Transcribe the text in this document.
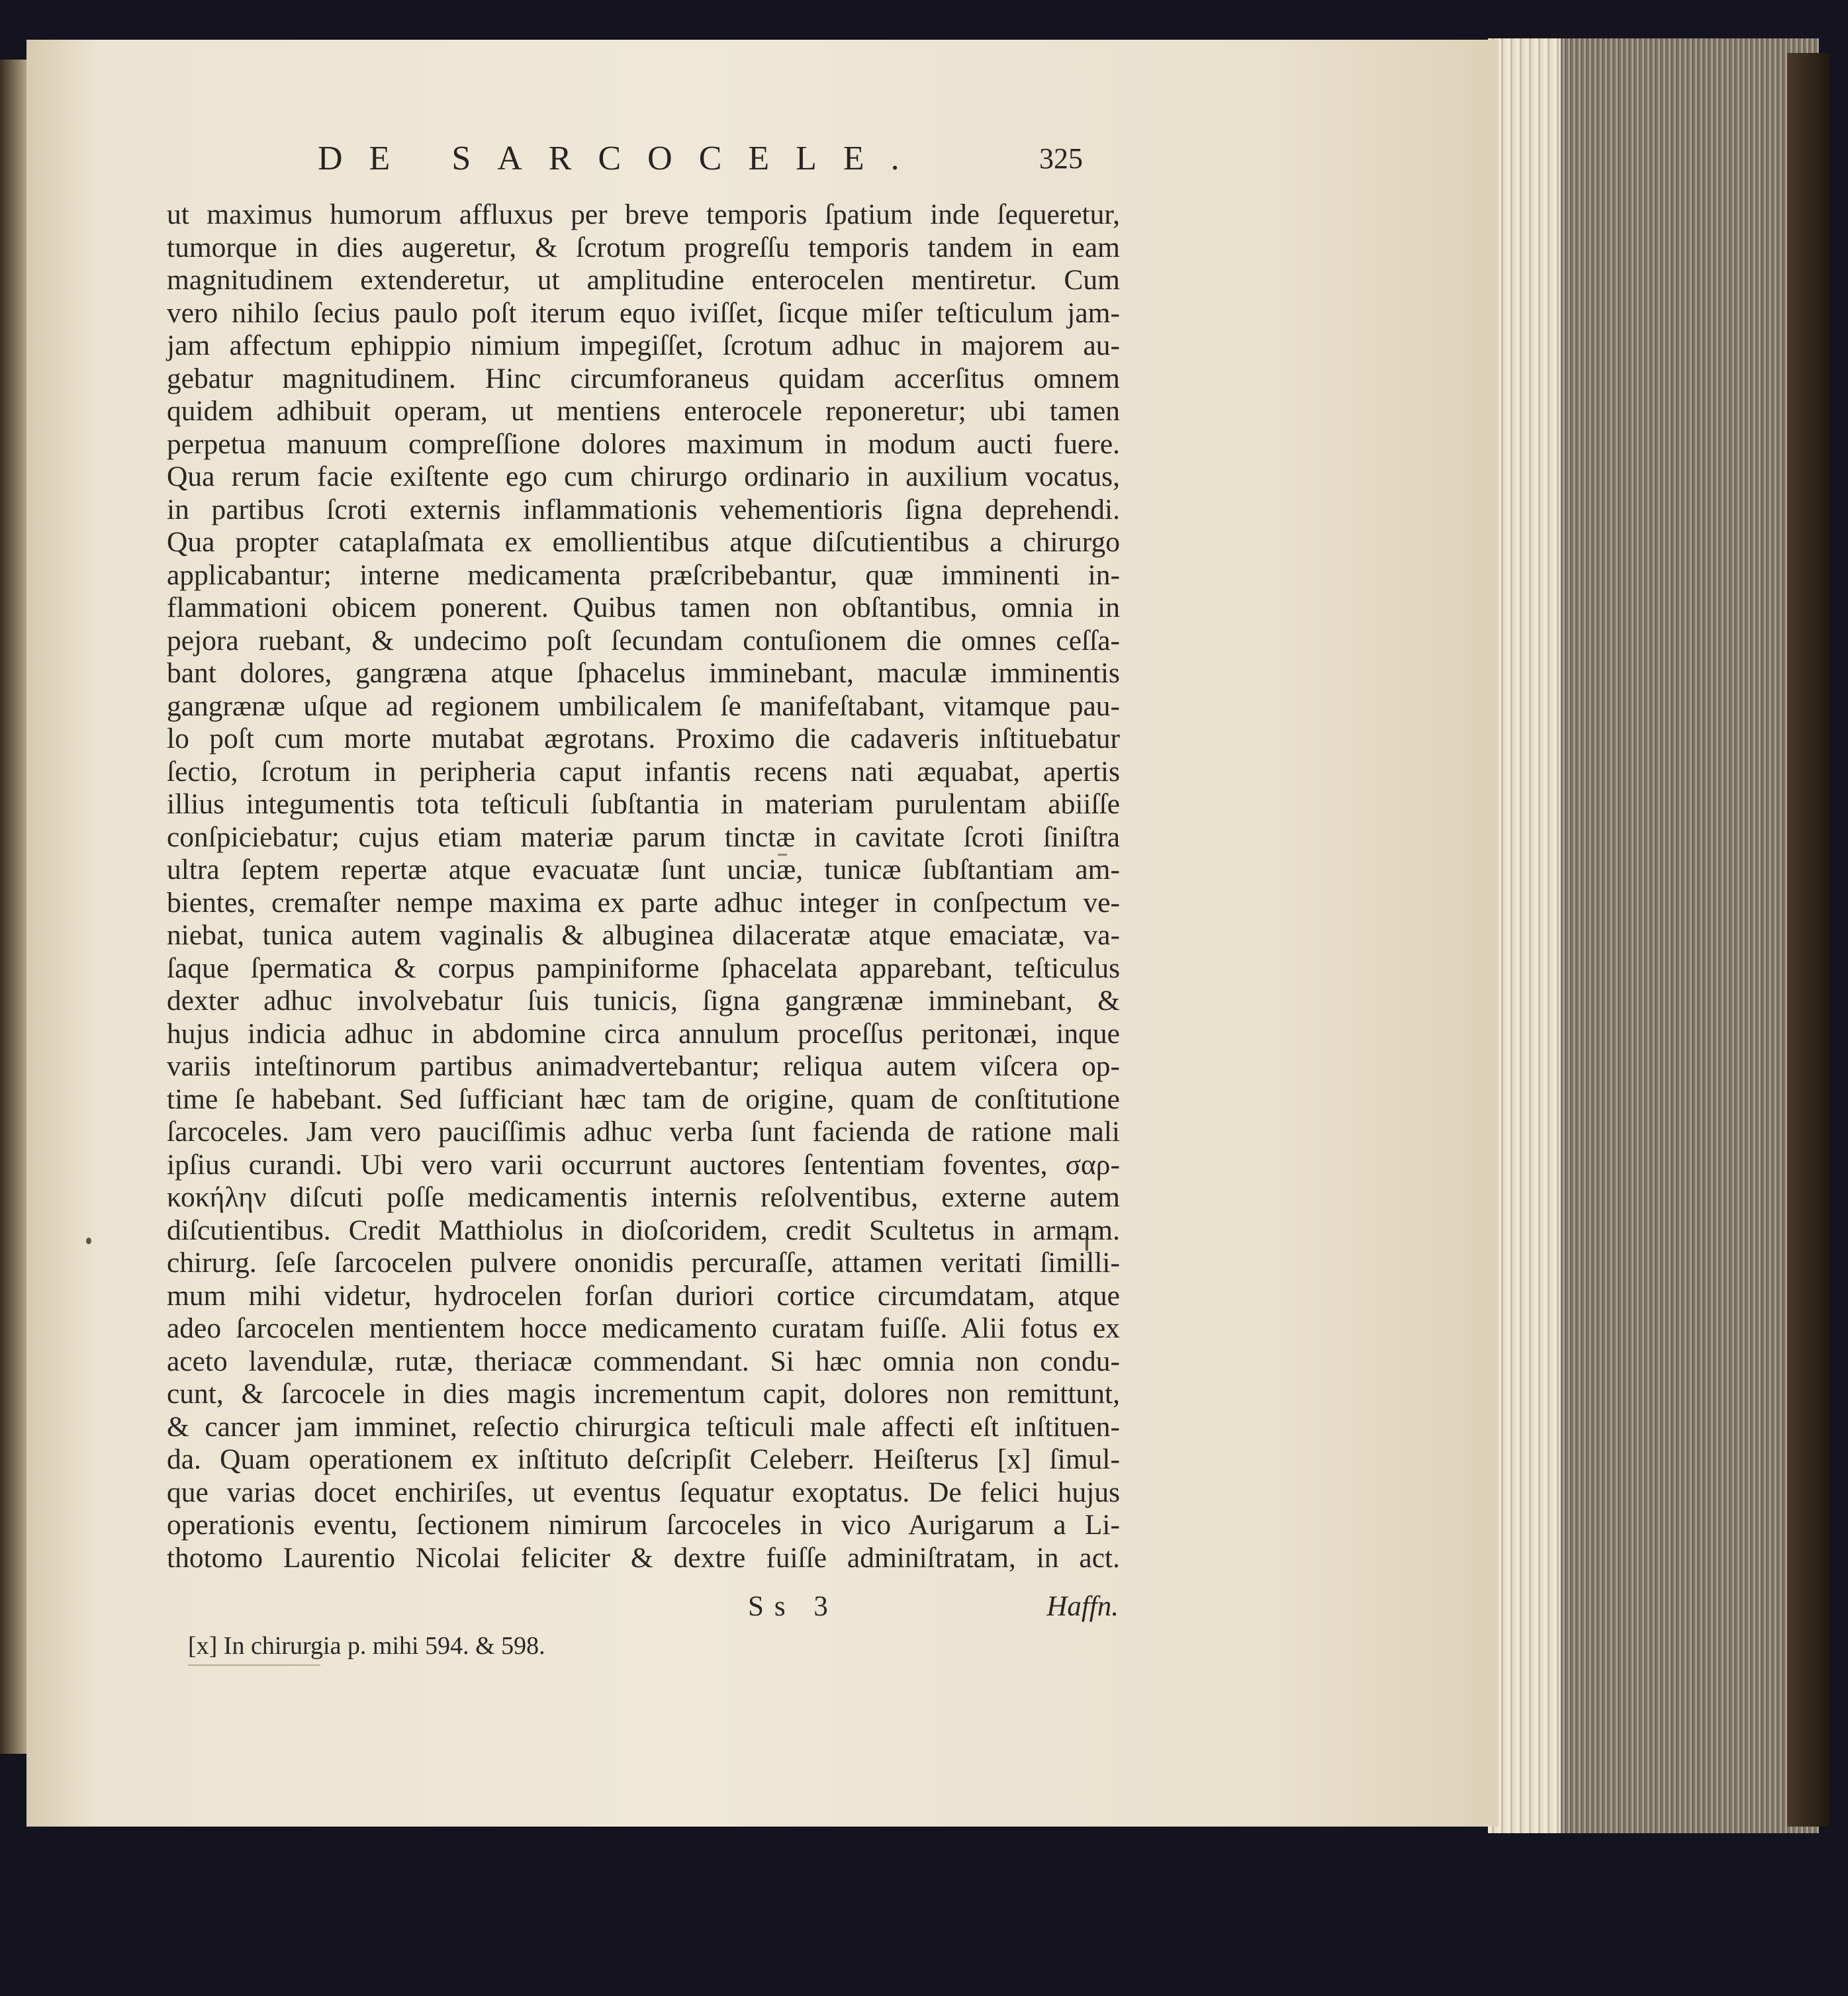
DE SARCOCELE.	325
ut maximus humorum affluxus per breve temporis ſpatium inde ſequeretur,
tumorque in dies augeretur, & ſcrotum progreſſu temporis tandem in eam
magnitudinem extenderetur, ut amplitudine enterocelen mentiretur. Cum
vero nihilo ſecius paulo poſt iterum equo iviſſet, ſicque miſer teſticulum jam-
jam affectum ephippio nimium impegiſſet, ſcrotum adhuc in majorem au-
gebatur magnitudinem. Hinc circumforaneus quidam accerſitus omnem
quidem adhibuit operam, ut mentiens enterocele reponeretur; ubi tamen
perpetua manuum compreſſione dolores maximum in modum aucti fuere.
Qua rerum facie exiſtente ego cum chirurgo ordinario in auxilium vocatus,
in partibus ſcroti externis inflammationis vehementioris ſigna deprehendi.
Qua propter cataplaſmata ex emollientibus atque diſcutientibus a chirurgo
applicabantur; interne medicamenta præſcribebantur, quæ imminenti in-
flammationi obicem ponerent. Quibus tamen non obſtantibus, omnia in
pejora ruebant, & undecimo poſt ſecundam contuſionem die omnes ceſſa-
bant dolores, gangræna atque ſphacelus imminebant, maculæ imminentis
gangrænæ uſque ad regionem umbilicalem ſe manifeſtabant, vitamque pau-
lo poſt cum morte mutabat ægrotans. Proximo die cadaveris inſtituebatur
ſectio, ſcrotum in peripheria caput infantis recens nati æquabat, apertis
illius integumentis tota teſticuli ſubſtantia in materiam purulentam abiiſſe
conſpiciebatur; cujus etiam materiæ parum tinctæ in cavitate ſcroti ſiniſtra
ultra ſeptem repertæ atque evacuatæ ſunt unciæ, tunicæ ſubſtantiam am-
bientes, cremaſter nempe maxima ex parte adhuc integer in conſpectum ve-
niebat, tunica autem vaginalis & albuginea dilaceratæ atque emaciatæ, va-
ſaque ſpermatica & corpus pampiniforme ſphacelata apparebant, teſticulus
dexter adhuc involvebatur ſuis tunicis, ſigna gangrænæ imminebant, &
hujus indicia adhuc in abdomine circa annulum proceſſus peritonæi, inque
variis inteſtinorum partibus animadvertebantur; reliqua autem viſcera op-
time ſe habebant. Sed ſufficiant hæc tam de origine, quam de conſtitutione
ſarcoceles. Jam vero pauciſſimis adhuc verba ſunt facienda de ratione mali
ipſius curandi. Ubi vero varii occurrunt auctores ſententiam foventes, σαρ-
κοκήλην diſcuti poſſe medicamentis internis reſolventibus, externe autem
diſcutientibus. Credit Matthiolus in dioſcoridem, credit Scultetus in armam.
chirurg. ſeſe ſarcocelen pulvere ononidis percuraſſe, attamen veritati ſimilli-
mum mihi videtur, hydrocelen forſan duriori cortice circumdatam, atque
adeo ſarcocelen mentientem hocce medicamento curatam fuiſſe. Alii fotus ex
aceto lavendulæ, rutæ, theriacæ commendant. Si hæc omnia non condu-
cunt, & ſarcocele in dies magis incrementum capit, dolores non remittunt,
& cancer jam imminet, reſectio chirurgica teſticuli male affecti eſt inſtituen-
da. Quam operationem ex inſtituto deſcripſit Celeberr. Heiſterus [x] ſimul-
que varias docet enchiriſes, ut eventus ſequatur exoptatus. De felici hujus
operationis eventu, ſectionem nimirum ſarcoceles in vico Aurigarum a Li-
thotomo Laurentio Nicolai feliciter & dextre fuiſſe adminiſtratam, in act.
Ss 3	Haffn.
[x] In chirurgia p. mihi 594. & 598.
